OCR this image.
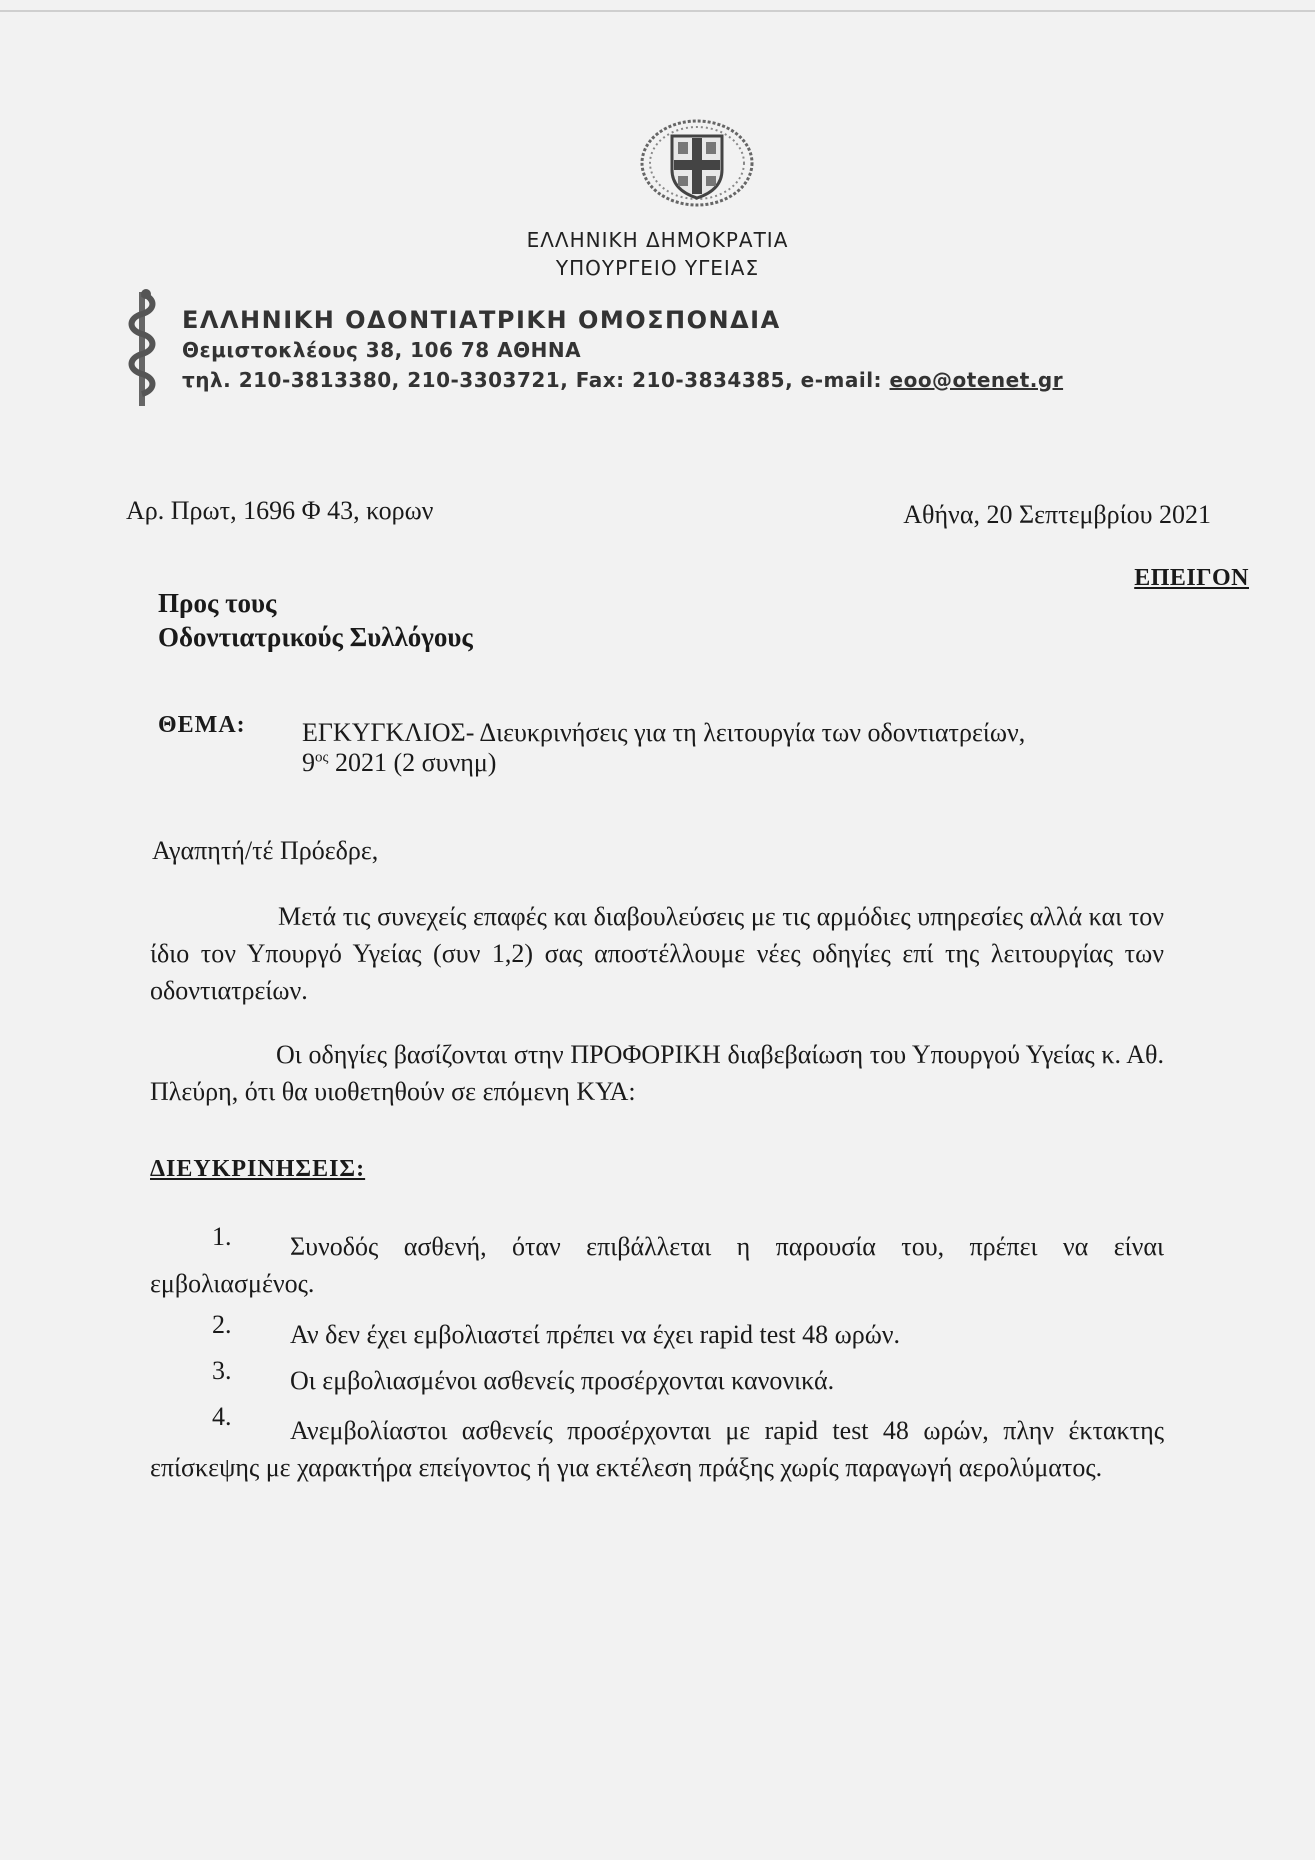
ΕΛΛΗΝΙΚΗ ΔΗΜΟΚΡΑΤΙΑ
ΥΠΟΥΡΓΕΙΟ ΥΓΕΙΑΣ
ΕΛΛΗΝΙΚΗ ΟΔΟΝΤΙΑΤΡΙΚΗ ΟΜΟΣΠΟΝΔΙΑ
Θεμιστοκλέους 38, 106 78 ΑΘΗΝΑ
τηλ. 210-3813380, 210-3303721, Fax: 210-3834385, e-mail: eoo@otenet.gr
Αρ. Πρωτ, 1696 Φ 43, κορων	Αθήνα, 20 Σεπτεμβρίου 2021
ΕΠΕΙΓΟΝ
Προς τους
Οδοντιατρικούς Συλλόγους
ΘΕΜΑ: ΕΓΚΥΓΚΛΙΟΣ- Διευκρινήσεις για τη λειτουργία των οδοντιατρείων,
$9^{o\varsigma}$ 2021 (2 συνημ)
Αγαπητή/τέ Πρόεδρε,
Μετά τις συνεχείς επαφές και διαβουλεύσεις με τις αρμόδιες υπηρεσίες αλλά και τον ίδιο τον Υπουργό Υγείας (συν 1,2) σας αποστέλλουμε νέες οδηγίες επί της λειτουργίας των οδοντιατρείων.
Οι οδηγίες βασίζονται στην ΠΡΟΦΟΡΙΚΗ διαβεβαίωση του Υπουργού Υγείας κ. Αθ. Πλεύρη, ότι θα υιοθετηθούν σε επόμενη ΚΥΑ:
ΔΙΕΥΚΡΙΝΗΣΕΙΣ:
1.	Συνοδός ασθενή, όταν επιβάλλεται η παρουσία του, πρέπει να είναι εμβολιασμένος.
2.	Αν δεν έχει εμβολιαστεί πρέπει να έχει rapid test 48 ωρών.
3.	Οι εμβολιασμένοι ασθενείς προσέρχονται κανονικά.
4.	Ανεμβολίαστοι ασθενείς προσέρχονται με rapid test 48 ωρών, πλην έκτακτης επίσκεψης με χαρακτήρα επείγοντος ή για εκτέλεση πράξης χωρίς παραγωγή αερολύματος.
